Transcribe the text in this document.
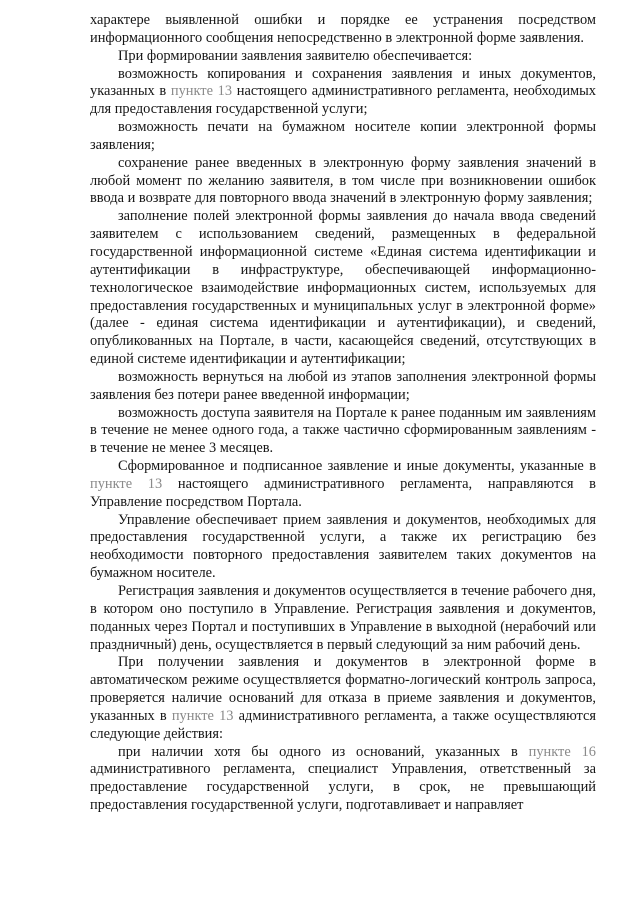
характере выявленной ошибки и порядке ее устранения посредством информационного сообщения непосредственно в электронной форме заявления.

При формировании заявления заявителю обеспечивается:

возможность копирования и сохранения заявления и иных документов, указанных в пункте 13 настоящего административного регламента, необходимых для предоставления государственной услуги;

возможность печати на бумажном носителе копии электронной формы заявления;

сохранение ранее введенных в электронную форму заявления значений в любой момент по желанию заявителя, в том числе при возникновении ошибок ввода и возврате для повторного ввода значений в электронную форму заявления;

заполнение полей электронной формы заявления до начала ввода сведений заявителем с использованием сведений, размещенных в федеральной государственной информационной системе «Единая система идентификации и аутентификации в инфраструктуре, обеспечивающей информационно-технологическое взаимодействие информационных систем, используемых для предоставления государственных и муниципальных услуг в электронной форме» (далее - единая система идентификации и аутентификации), и сведений, опубликованных на Портале, в части, касающейся сведений, отсутствующих в единой системе идентификации и аутентификации;

возможность вернуться на любой из этапов заполнения электронной формы заявления без потери ранее введенной информации;

возможность доступа заявителя на Портале к ранее поданным им заявлениям в течение не менее одного года, а также частично сформированным заявлениям - в течение не менее 3 месяцев.

Сформированное и подписанное заявление и иные документы, указанные в пункте 13 настоящего административного регламента, направляются в Управление посредством Портала.

Управление обеспечивает прием заявления и документов, необходимых для предоставления государственной услуги, а также их регистрацию без необходимости повторного предоставления заявителем таких документов на бумажном носителе.

Регистрация заявления и документов осуществляется в течение рабочего дня, в котором оно поступило в Управление. Регистрация заявления и документов, поданных через Портал и поступивших в Управление в выходной (нерабочий или праздничный) день, осуществляется в первый следующий за ним рабочий день.

При получении заявления и документов в электронной форме в автоматическом режиме осуществляется форматно-логический контроль запроса, проверяется наличие оснований для отказа в приеме заявления и документов, указанных в пункте 13 административного регламента, а также осуществляются следующие действия:

при наличии хотя бы одного из оснований, указанных в пункте 16 административного регламента, специалист Управления, ответственный за предоставление государственной услуги, в срок, не превышающий предоставления государственной услуги, подготавливает и направляет
